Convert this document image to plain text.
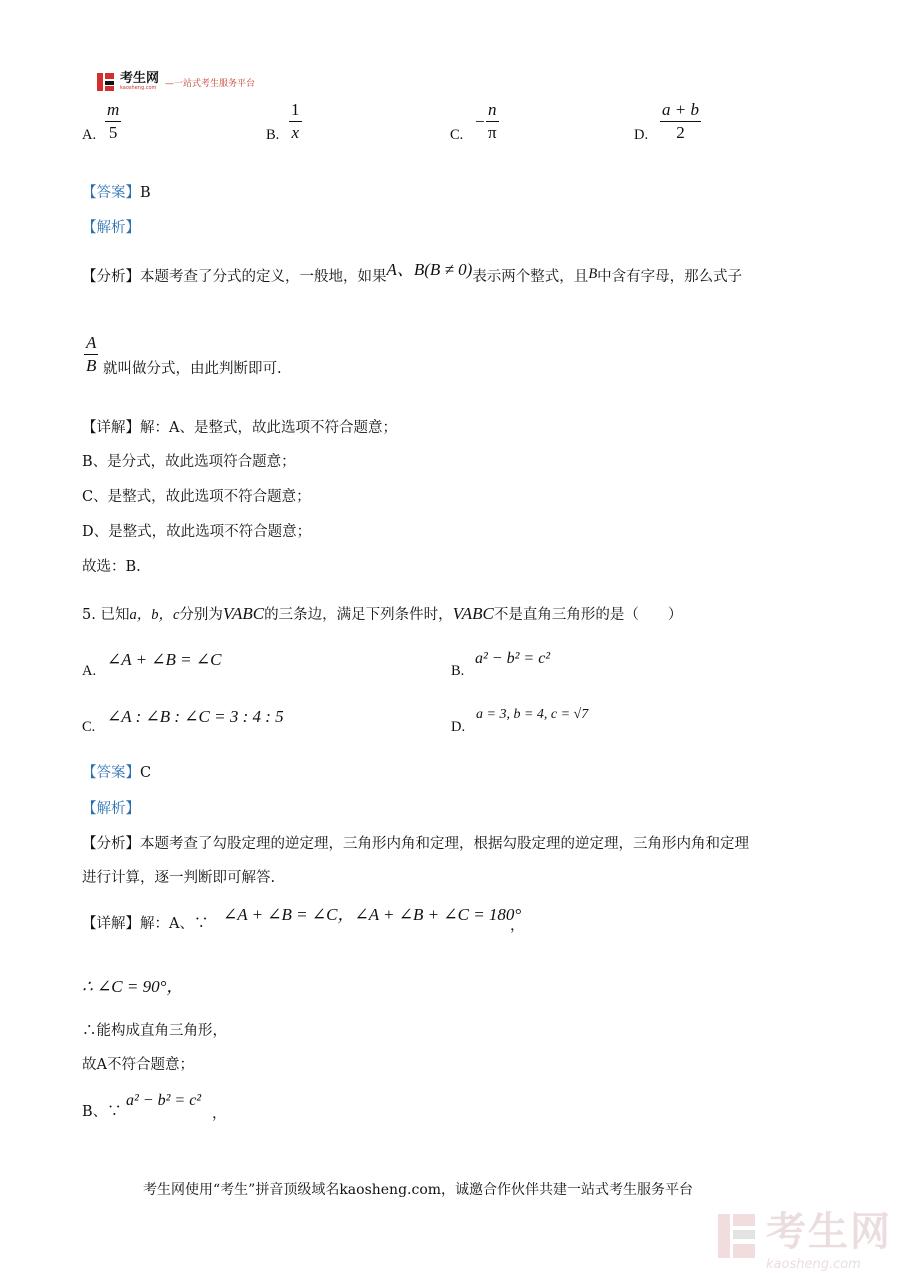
考生网
kaosheng.com —一站式考生服务平台
A.
m
5	B.
1
x	C.
−
n
π	D.
a + b
2
【答案】B
【解析】
【分析】本题考查了分式的定义，一般地，如果A、B(B ≠ 0)表示两个整式，且B中含有字母，那么式子
A
B 就叫做分式，由此判断即可.
【详解】解：A、是整式，故此选项不符合题意；
B、是分式，故此选项符合题意；
C、是整式，故此选项不符合题意；
D、是整式，故此选项不符合题意；
故选：B.
5. 已知a，b，c分别为VABC的三条边，满足下列条件时，VABC不是直角三角形的是（　　）
A.
∠A + ∠B = ∠C
B.
a² − b² = c²
C.
∠A : ∠B : ∠C = 3 : 4 : 5
D.
a = 3, b = 4, c = √7
【答案】C
【解析】
【分析】本题考查了勾股定理的逆定理，三角形内角和定理，根据勾股定理的逆定理，三角形内角和定理
进行计算，逐一判断即可解答.
【详解】解：A、∵ ∠A + ∠B = ∠C，∠A + ∠B + ∠C = 180°
，
∴ ∠C = 90°，
∴能构成直角三角形，
故A不符合题意；
B、∵
a² − b² = c²
，
考生网使用“考生”拼音顶级域名kaosheng.com，诚邀合作伙伴共建一站式考生服务平台
考生网
kaosheng.com
